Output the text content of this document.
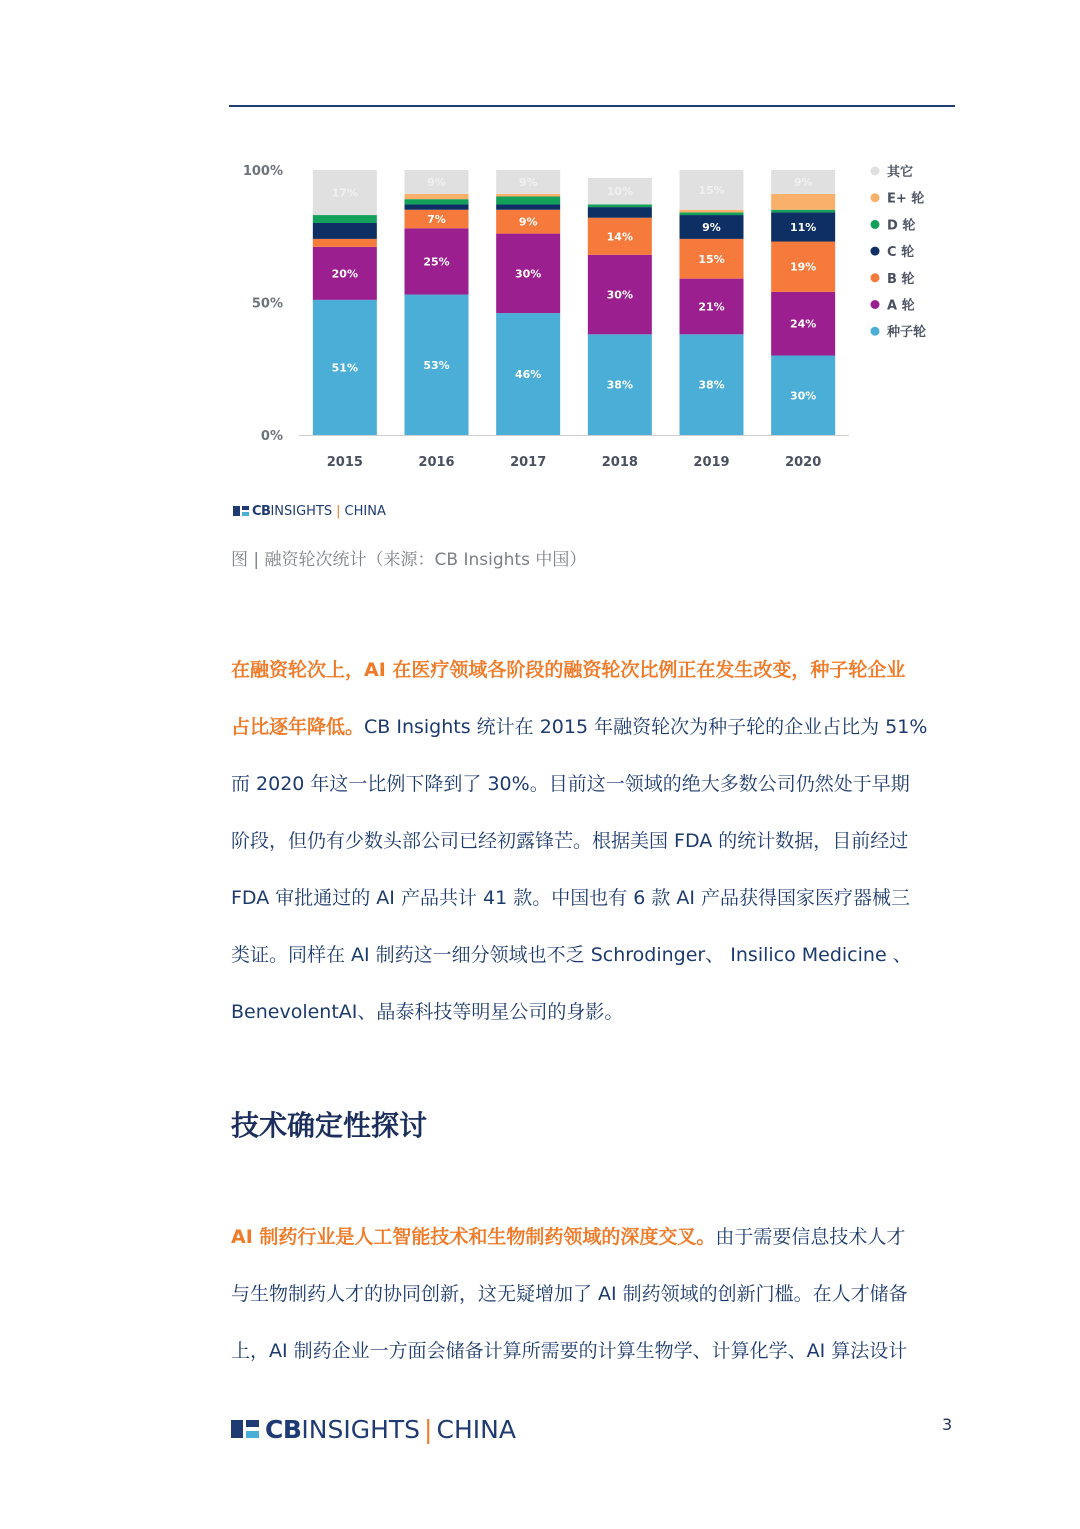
0%
50%
100%
51%
20%
17%
2015
53%
25%
7%
9%
2016
46%
30%
9%
9%
2017
38%
30%
14%
10%
2018
38%
21%
15%
9%
15%
2019
30%
24%
19%
11%
9%
2020
其它
E+ 轮
D 轮
C 轮
B 轮
A 轮
种子轮
CB INSIGHTS | CHINA
图 | 融资轮次统计（来源：CB Insights 中国）
在融资轮次上，AI 在医疗领域各阶段的融资轮次比例正在发生改变，种子轮企业
占比逐年降低。CB Insights 统计在 2015 年融资轮次为种子轮的企业占比为 51%
而 2020 年这一比例下降到了 30%。目前这一领域的绝大多数公司仍然处于早期
阶段，但仍有少数头部公司已经初露锋芒。根据美国 FDA 的统计数据，目前经过
FDA 审批通过的 AI 产品共计 41 款。中国也有 6 款 AI 产品获得国家医疗器械三
类证。同样在 AI 制药这一细分领域也不乏 Schrodinger、 Insilico Medicine 、
BenevolentAI、晶泰科技等明星公司的身影。
技术确定性探讨
AI 制药行业是人工智能技术和生物制药领域的深度交叉。由于需要信息技术人才
与生物制药人才的协同创新，这无疑增加了 AI 制药领域的创新门槛。在人才储备
上，AI 制药企业一方面会储备计算所需要的计算生物学、计算化学、AI 算法设计
CB INSIGHTS | CHINA	3
